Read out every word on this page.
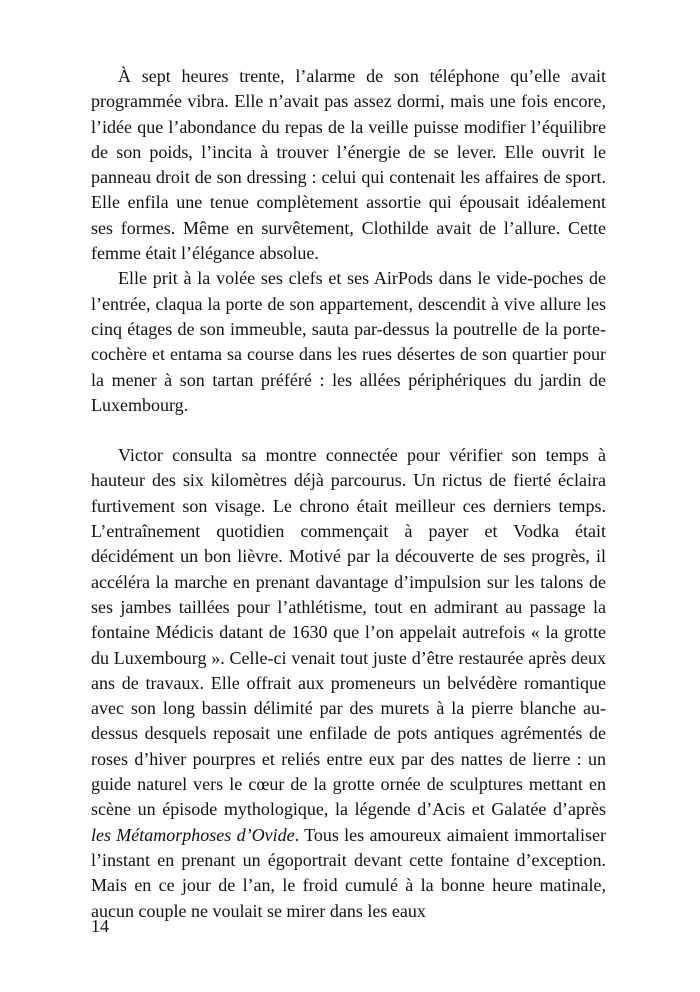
À sept heures trente, l’alarme de son téléphone qu’elle avait programmée vibra. Elle n’avait pas assez dormi, mais une fois encore, l’idée que l’abondance du repas de la veille puisse modifier l’équilibre de son poids, l’incita à trouver l’énergie de se lever. Elle ouvrit le panneau droit de son dressing : celui qui contenait les affaires de sport. Elle enfila une tenue complètement assortie qui épousait idéalement ses formes. Même en survêtement, Clothilde avait de l’allure. Cette femme était l’élégance absolue.

Elle prit à la volée ses clefs et ses AirPods dans le vide-poches de l’entrée, claqua la porte de son appartement, descendit à vive allure les cinq étages de son immeuble, sauta par-dessus la poutrelle de la porte-cochère et entama sa course dans les rues désertes de son quartier pour la mener à son tartan préféré : les allées périphériques du jardin de Luxembourg.

Victor consulta sa montre connectée pour vérifier son temps à hauteur des six kilomètres déjà parcourus. Un rictus de fierté éclaira furtivement son visage. Le chrono était meilleur ces derniers temps. L’entraînement quotidien commençait à payer et Vodka était décidément un bon lièvre. Motivé par la découverte de ses progrès, il accéléra la marche en prenant davantage d’impulsion sur les talons de ses jambes taillées pour l’athlétisme, tout en admirant au passage la fontaine Médicis datant de 1630 que l’on appelait autrefois « la grotte du Luxembourg ». Celle-ci venait tout juste d’être restaurée après deux ans de travaux. Elle offrait aux promeneurs un belvédère romantique avec son long bassin délimité par des murets à la pierre blanche au-dessus desquels reposait une enfilade de pots antiques agrémentés de roses d’hiver pourpres et reliés entre eux par des nattes de lierre : un guide naturel vers le cœur de la grotte ornée de sculptures mettant en scène un épisode mythologique, la légende d’Acis et Galatée d’après les Métamorphoses d’Ovide. Tous les amoureux aimaient immortaliser l’instant en prenant un égoportrait devant cette fontaine d’exception. Mais en ce jour de l’an, le froid cumulé à la bonne heure matinale, aucun couple ne voulait se mirer dans les eaux

14
